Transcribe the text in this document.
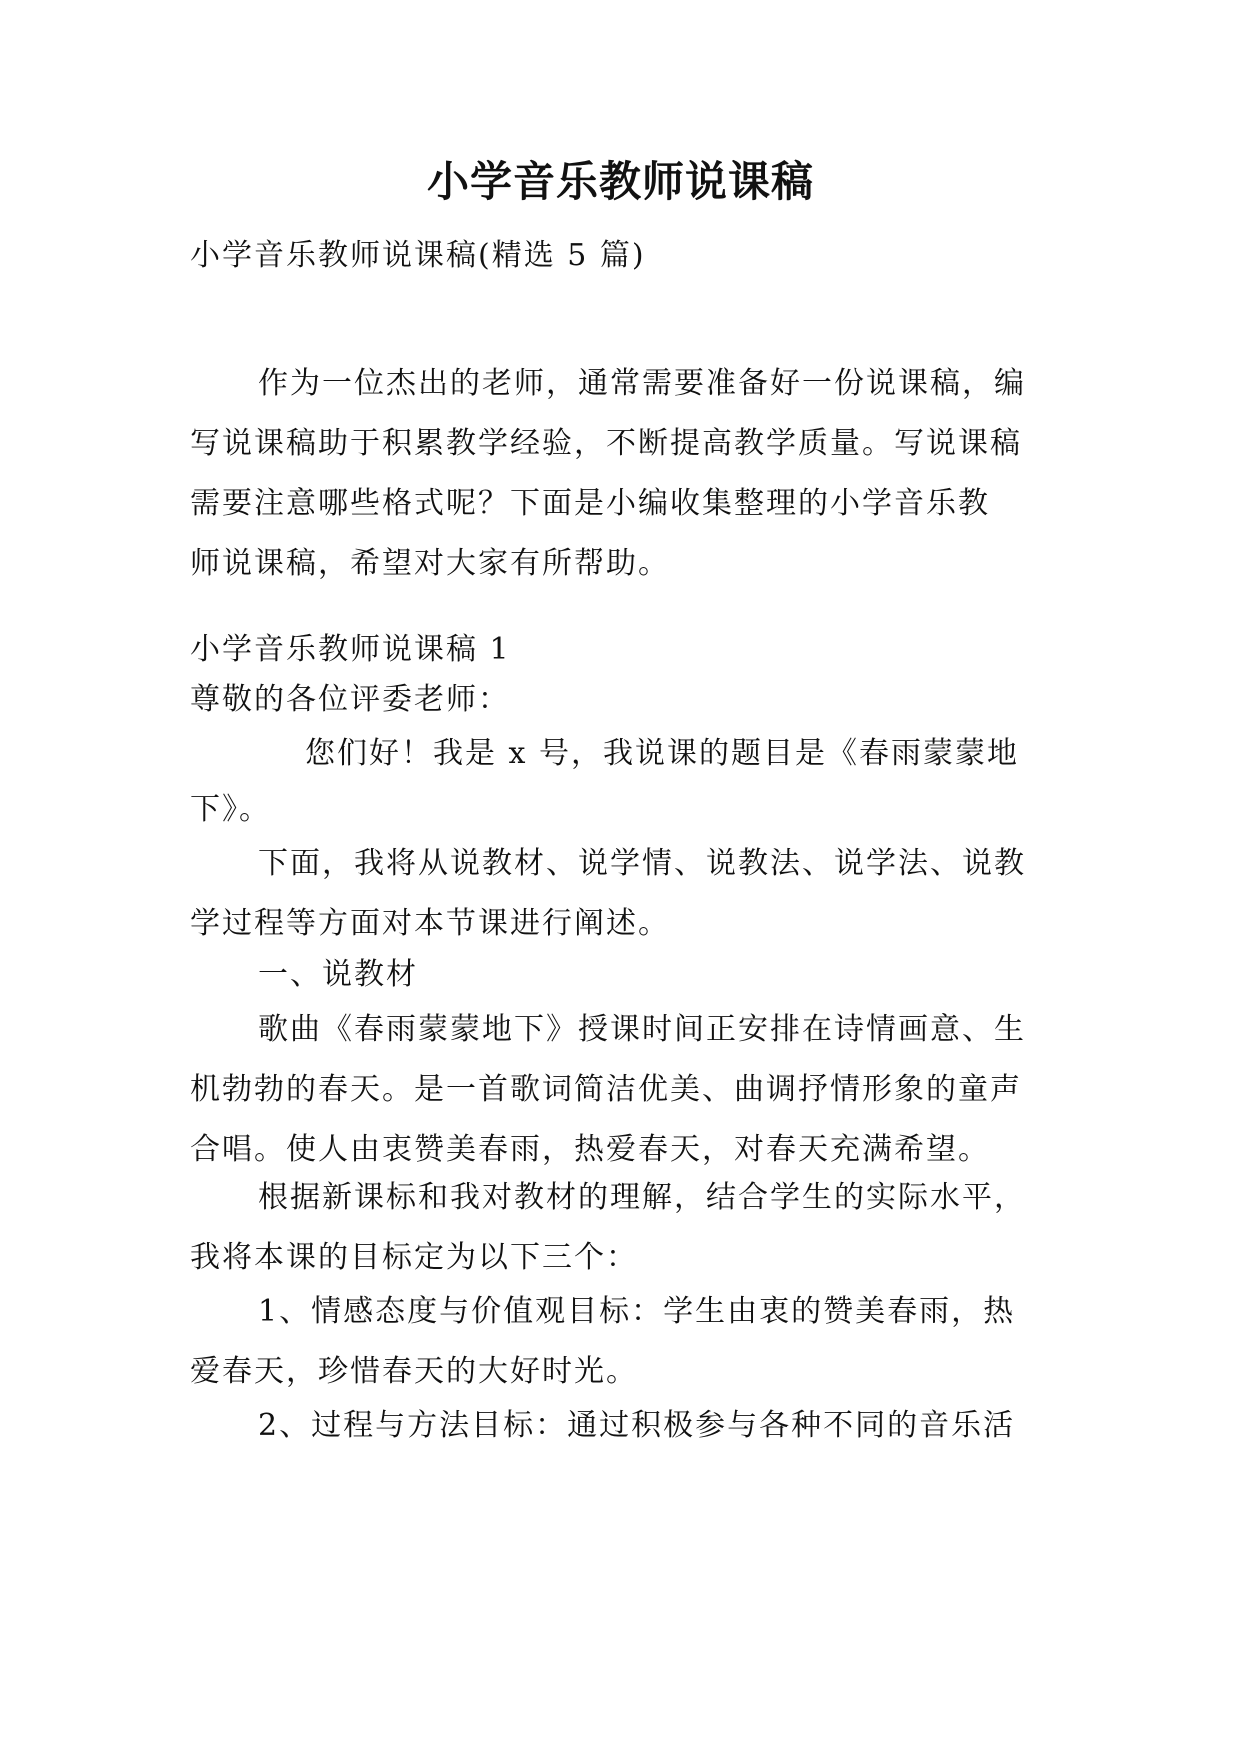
小学音乐教师说课稿
小学音乐教师说课稿(精选 5 篇)
作为一位杰出的老师，通常需要准备好一份说课稿，编
写说课稿助于积累教学经验，不断提高教学质量。写说课稿
需要注意哪些格式呢？下面是小编收集整理的小学音乐教
师说课稿，希望对大家有所帮助。
小学音乐教师说课稿 1
尊敬的各位评委老师：
您们好！我是 x 号，我说课的题目是《春雨蒙蒙地
下》。
下面，我将从说教材、说学情、说教法、说学法、说教
学过程等方面对本节课进行阐述。
一、说教材
歌曲《春雨蒙蒙地下》授课时间正安排在诗情画意、生
机勃勃的春天。是一首歌词简洁优美、曲调抒情形象的童声
合唱。使人由衷赞美春雨，热爱春天，对春天充满希望。
根据新课标和我对教材的理解，结合学生的实际水平，
我将本课的目标定为以下三个：
1、情感态度与价值观目标：学生由衷的赞美春雨，热
爱春天，珍惜春天的大好时光。
2、过程与方法目标：通过积极参与各种不同的音乐活
